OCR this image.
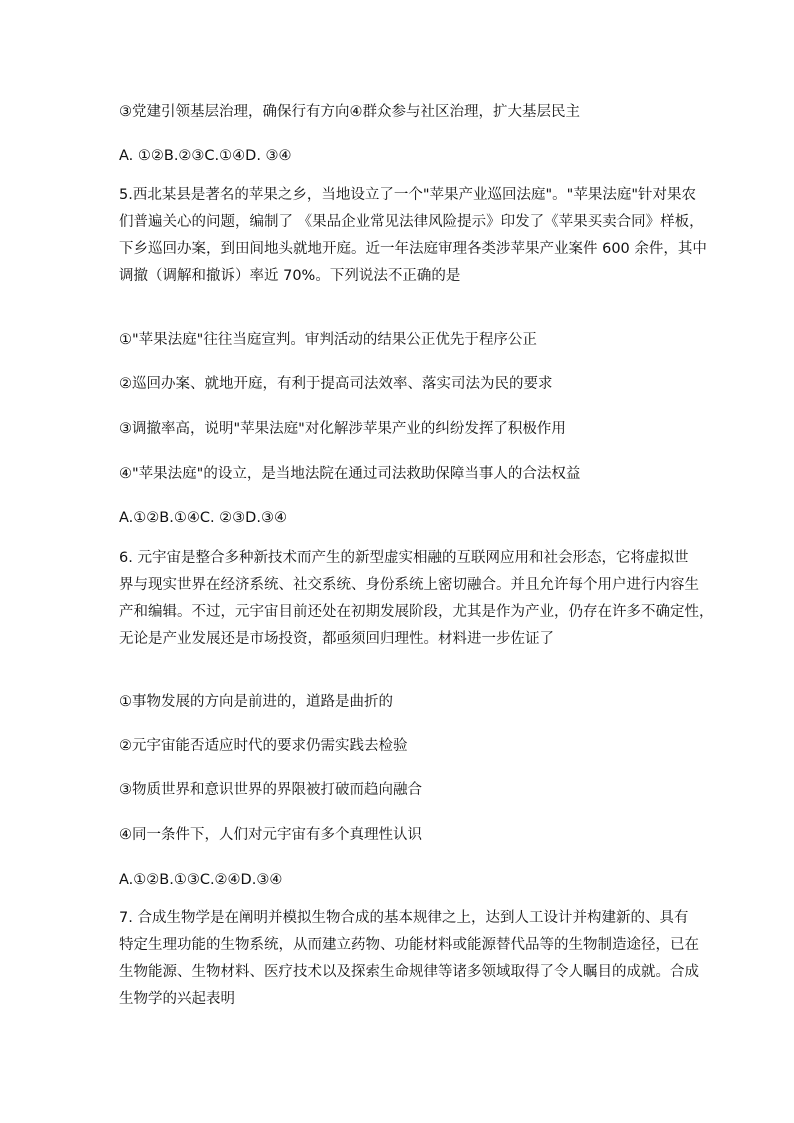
③党建引领基层治理，确保行有方向④群众参与社区治理，扩大基层民主
A. ①②B.②③C.①④D. ③④
5.西北某县是著名的苹果之乡，当地设立了一个"苹果产业巡回法庭"。"苹果法庭"针对果农
们普遍关心的问题，编制了 《果品企业常见法律风险提示》印发了《苹果买卖合同》样板，
下乡巡回办案，到田间地头就地开庭。近一年法庭审理各类涉苹果产业案件 600 余件，其中
调撤（调解和撤诉）率近 70%。下列说法不正确的是
①"苹果法庭"往往当庭宣判。审判活动的结果公正优先于程序公正
②巡回办案、就地开庭，有利于提高司法效率、落实司法为民的要求
③调撤率高，说明"苹果法庭"对化解涉苹果产业的纠纷发挥了积极作用
④"苹果法庭"的设立，是当地法院在通过司法救助保障当事人的合法权益
A.①②B.①④C. ②③D.③④
6. 元宇宙是整合多种新技术而产生的新型虚实相融的互联网应用和社会形态，它将虚拟世
界与现实世界在经济系统、社交系统、身份系统上密切融合。并且允许每个用户进行内容生
产和编辑。不过，元宇宙目前还处在初期发展阶段，尤其是作为产业，仍存在许多不确定性，
无论是产业发展还是市场投资，都亟须回归理性。材料进一步佐证了
①事物发展的方向是前进的，道路是曲折的
②元宇宙能否适应时代的要求仍需实践去检验
③物质世界和意识世界的界限被打破而趋向融合
④同一条件下，人们对元宇宙有多个真理性认识
A.①②B.①③C.②④D.③④
7. 合成生物学是在阐明并模拟生物合成的基本规律之上，达到人工设计并构建新的、具有
特定生理功能的生物系统，从而建立药物、功能材料或能源替代品等的生物制造途径，已在
生物能源、生物材料、医疗技术以及探索生命规律等诸多领域取得了令人瞩目的成就。合成
生物学的兴起表明
